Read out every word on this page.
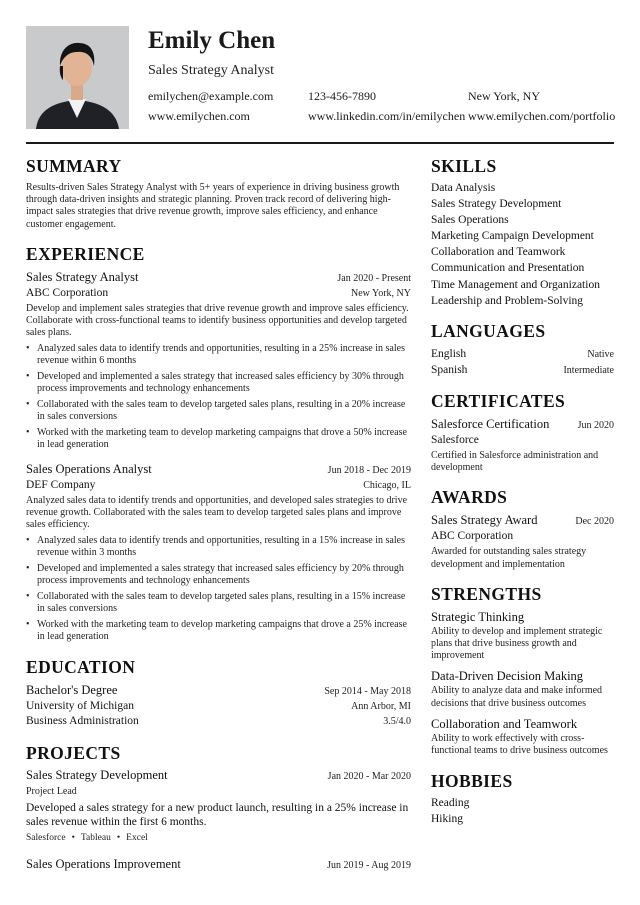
Emily Chen
Sales Strategy Analyst
emilychen@example.com	123-456-7890	New York, NY
www.emilychen.com	www.linkedin.com/in/emilychen www.emilychen.com/portfolio
SUMMARY
Results-driven Sales Strategy Analyst with 5+ years of experience in driving business growth through data-driven insights and strategic planning. Proven track record of delivering high-impact sales strategies that drive revenue growth, improve sales efficiency, and enhance customer engagement.
EXPERIENCE
Sales Strategy Analyst	Jan 2020 - Present
ABC Corporation	New York, NY
Develop and implement sales strategies that drive revenue growth and improve sales efficiency. Collaborate with cross-functional teams to identify business opportunities and develop targeted sales plans.
• Analyzed sales data to identify trends and opportunities, resulting in a 25% increase in sales revenue within 6 months
• Developed and implemented a sales strategy that increased sales efficiency by 30% through process improvements and technology enhancements
• Collaborated with the sales team to develop targeted sales plans, resulting in a 20% increase in sales conversions
• Worked with the marketing team to develop marketing campaigns that drove a 50% increase in lead generation
Sales Operations Analyst	Jun 2018 - Dec 2019
DEF Company	Chicago, IL
Analyzed sales data to identify trends and opportunities, and developed sales strategies to drive revenue growth. Collaborated with the sales team to develop targeted sales plans and improve sales efficiency.
• Analyzed sales data to identify trends and opportunities, resulting in a 15% increase in sales revenue within 3 months
• Developed and implemented a sales strategy that increased sales efficiency by 20% through process improvements and technology enhancements
• Collaborated with the sales team to develop targeted sales plans, resulting in a 15% increase in sales conversions
• Worked with the marketing team to develop marketing campaigns that drove a 25% increase in lead generation
EDUCATION
Bachelor's Degree	Sep 2014 - May 2018
University of Michigan	Ann Arbor, MI
Business Administration	3.5/4.0
PROJECTS
Sales Strategy Development	Jan 2020 - Mar 2020
Project Lead
Developed a sales strategy for a new product launch, resulting in a 25% increase in sales revenue within the first 6 months.
Salesforce • Tableau • Excel
Sales Operations Improvement	Jun 2019 - Aug 2019
SKILLS
Data Analysis
Sales Strategy Development
Sales Operations
Marketing Campaign Development
Collaboration and Teamwork
Communication and Presentation
Time Management and Organization
Leadership and Problem-Solving
LANGUAGES
English	Native
Spanish	Intermediate
CERTIFICATES
Salesforce Certification	Jun 2020
Salesforce
Certified in Salesforce administration and development
AWARDS
Sales Strategy Award	Dec 2020
ABC Corporation
Awarded for outstanding sales strategy development and implementation
STRENGTHS
Strategic Thinking
Ability to develop and implement strategic plans that drive business growth and improvement
Data-Driven Decision Making
Ability to analyze data and make informed decisions that drive business outcomes
Collaboration and Teamwork
Ability to work effectively with cross-functional teams to drive business outcomes
HOBBIES
Reading
Hiking
